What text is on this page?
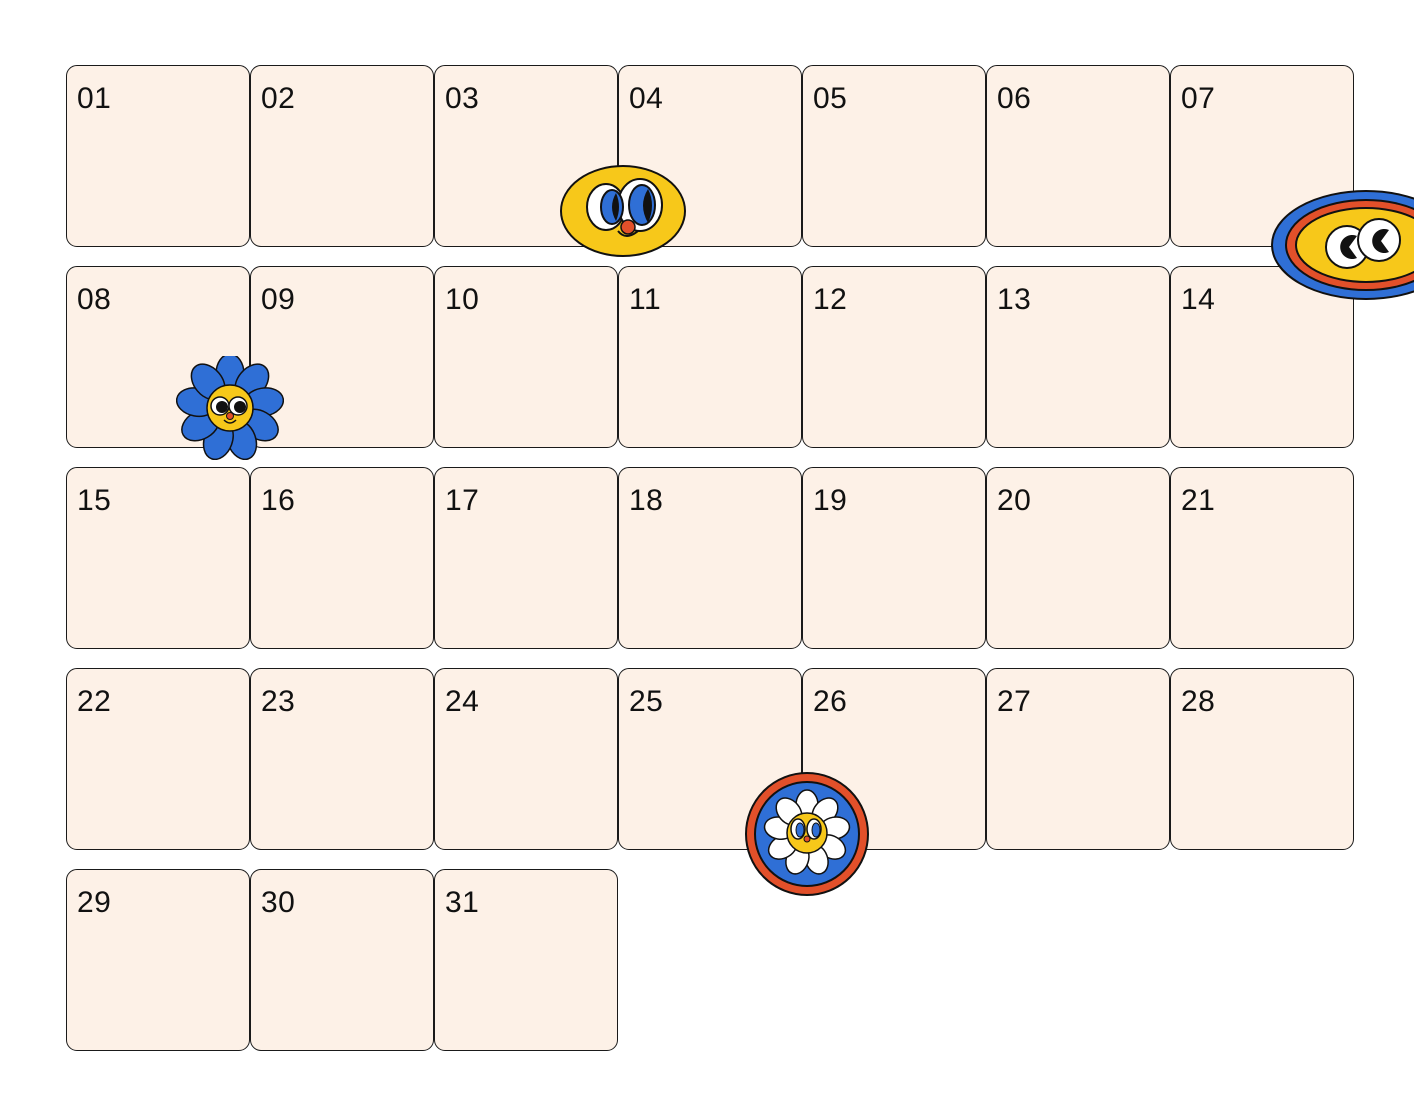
01	02	03	04	05	06	07
08	09	10	11	12	13	14
15	16	17	18	19	20	21
22	23	24	25	26	27	28
29	30	31
